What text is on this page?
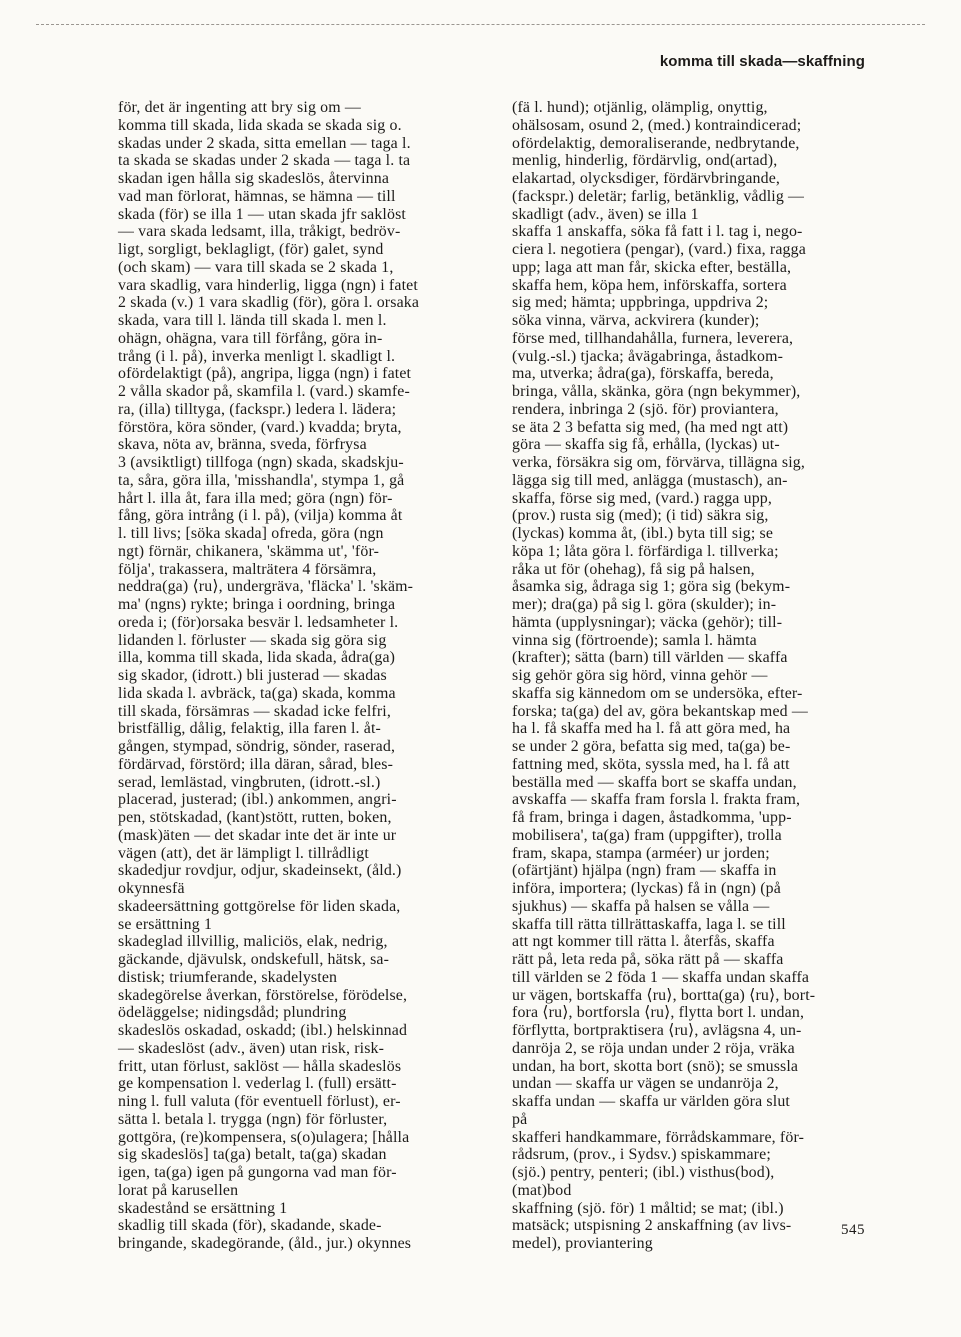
komma till skada—skaffning
för, det är ingenting att bry sig om —
komma till skada, lida skada se skada sig o.
skadas under 2 skada, sitta emellan — taga l.
ta skada se skadas under 2 skada — taga l. ta
skadan igen hålla sig skadeslös, återvinna
vad man förlorat, hämnas, se hämna — till
skada (för) se illa 1 — utan skada jfr saklöst
— vara skada ledsamt, illa, tråkigt, bedröv-
ligt, sorgligt, beklagligt, (för) galet, synd
(och skam) — vara till skada se 2 skada 1,
vara skadlig, vara hinderlig, ligga (ngn) i fatet
2 skada (v.) 1 vara skadlig (för), göra l. orsaka
skada, vara till l. lända till skada l. men l.
ohägn, ohägna, vara till förfång, göra in-
trång (i l. på), inverka menligt l. skadligt l.
ofördelaktigt (på), angripa, ligga (ngn) i fatet
2 vålla skador på, skamfila l. (vard.) skamfe-
ra, (illa) tilltyga, (fackspr.) ledera l. lädera;
förstöra, köra sönder, (vard.) kvadda; bryta,
skava, nöta av, bränna, sveda, förfrysa
3 (avsiktligt) tillfoga (ngn) skada, skadskju-
ta, såra, göra illa, 'misshandla', stympa 1, gå
hårt l. illa åt, fara illa med; göra (ngn) för-
fång, göra intrång (i l. på), (vilja) komma åt
l. till livs; [söka skada] ofreda, göra (ngn
ngt) förnär, chikanera, 'skämma ut', 'för-
följa', trakassera, malträtera 4 försämra,
neddra(ga) ⟨ru⟩, undergräva, 'fläcka' l. 'skäm-
ma' (ngns) rykte; bringa i oordning, bringa
oreda i; (för)orsaka besvär l. ledsamheter l.
lidanden l. förluster — skada sig göra sig
illa, komma till skada, lida skada, ådra(ga)
sig skador, (idrott.) bli justerad — skadas
lida skada l. avbräck, ta(ga) skada, komma
till skada, försämras — skadad icke felfri,
bristfällig, dålig, felaktig, illa faren l. åt-
gången, stympad, söndrig, sönder, raserad,
fördärvad, förstörd; illa däran, sårad, bles-
serad, lemlästad, vingbruten, (idrott.-sl.)
placerad, justerad; (ibl.) ankommen, angri-
pen, stötskadad, (kant)stött, rutten, boken,
(mask)äten — det skadar inte det är inte ur
vägen (att), det är lämpligt l. tillrådligt
skadedjur rovdjur, odjur, skadeinsekt, (åld.)
okynnesfä
skadeersättning gottgörelse för liden skada,
se ersättning 1
skadeglad illvillig, maliciös, elak, nedrig,
gäckande, djävulsk, ondskefull, hätsk, sa-
distisk; triumferande, skadelysten
skadegörelse åverkan, förstörelse, förödelse,
ödeläggelse; nidingsdåd; plundring
skadeslös oskadad, oskadd; (ibl.) helskinnad
— skadeslöst (adv., även) utan risk, risk-
fritt, utan förlust, saklöst — hålla skadeslös
ge kompensation l. vederlag l. (full) ersätt-
ning l. full valuta (för eventuell förlust), er-
sätta l. betala l. trygga (ngn) för förluster,
gottgöra, (re)kompensera, s(o)ulagera; [hålla
sig skadeslös] ta(ga) betalt, ta(ga) skadan
igen, ta(ga) igen på gungorna vad man för-
lorat på karusellen
skadestånd se ersättning 1
skadlig till skada (för), skadande, skade-
bringande, skadegörande, (åld., jur.) okynnes
(fä l. hund); otjänlig, olämplig, onyttig,
ohälsosam, osund 2, (med.) kontraindicerad;
ofördelaktig, demoraliserande, nedbrytande,
menlig, hinderlig, fördärvlig, ond(artad),
elakartad, olycksdiger, fördärvbringande,
(fackspr.) deletär; farlig, betänklig, vådlig —
skadligt (adv., även) se illa 1
skaffa 1 anskaffa, söka få fatt i l. tag i, nego-
ciera l. negotiera (pengar), (vard.) fixa, ragga
upp; laga att man får, skicka efter, beställa,
skaffa hem, köpa hem, införskaffa, sortera
sig med; hämta; uppbringa, uppdriva 2;
söka vinna, värva, ackvirera (kunder);
förse med, tillhandahålla, furnera, leverera,
(vulg.-sl.) tjacka; åvägabringa, åstadkom-
ma, utverka; ådra(ga), förskaffa, bereda,
bringa, vålla, skänka, göra (ngn bekymmer),
rendera, inbringa 2 (sjö. för) proviantera,
se äta 2 3 befatta sig med, (ha med ngt att)
göra — skaffa sig få, erhålla, (lyckas) ut-
verka, försäkra sig om, förvärva, tillägna sig,
lägga sig till med, anlägga (mustasch), an-
skaffa, förse sig med, (vard.) ragga upp,
(prov.) rusta sig (med); (i tid) säkra sig,
(lyckas) komma åt, (ibl.) byta till sig; se
köpa 1; låta göra l. förfärdiga l. tillverka;
råka ut för (ohehag), få sig på halsen,
åsamka sig, ådraga sig 1; göra sig (bekym-
mer); dra(ga) på sig l. göra (skulder); in-
hämta (upplysningar); väcka (gehör); till-
vinna sig (förtroende); samla l. hämta
(krafter); sätta (barn) till världen — skaffa
sig gehör göra sig hörd, vinna gehör —
skaffa sig kännedom om se undersöka, efter-
forska; ta(ga) del av, göra bekantskap med —
ha l. få skaffa med ha l. få att göra med, ha
se under 2 göra, befatta sig med, ta(ga) be-
fattning med, sköta, syssla med, ha l. få att
beställa med — skaffa bort se skaffa undan,
avskaffa — skaffa fram forsla l. frakta fram,
få fram, bringa i dagen, åstadkomma, 'upp-
mobilisera', ta(ga) fram (uppgifter), trolla
fram, skapa, stampa (arméer) ur jorden;
(ofärtjänt) hjälpa (ngn) fram — skaffa in
införa, importera; (lyckas) få in (ngn) (på
sjukhus) — skaffa på halsen se vålla —
skaffa till rätta tillrättaskaffa, laga l. se till
att ngt kommer till rätta l. återfås, skaffa
rätt på, leta reda på, söka rätt på — skaffa
till världen se 2 föda 1 — skaffa undan skaffa
ur vägen, bortskaffa ⟨ru⟩, bortta(ga) ⟨ru⟩, bort-
fora ⟨ru⟩, bortforsla ⟨ru⟩, flytta bort l. undan,
förflytta, bortpraktisera ⟨ru⟩, avlägsna 4, un-
danröja 2, se röja undan under 2 röja, vräka
undan, ha bort, skotta bort (snö); se smussla
undan — skaffa ur vägen se undanröja 2,
skaffa undan — skaffa ur världen göra slut
på
skafferi handkammare, förrådskammare, för-
rådsrum, (prov., i Sydsv.) spiskammare;
(sjö.) pentry, penteri; (ibl.) visthus(bod),
(mat)bod
skaffning (sjö. för) 1 måltid; se mat; (ibl.)
matsäck; utspisning 2 anskaffning (av livs-
medel), proviantering
545
